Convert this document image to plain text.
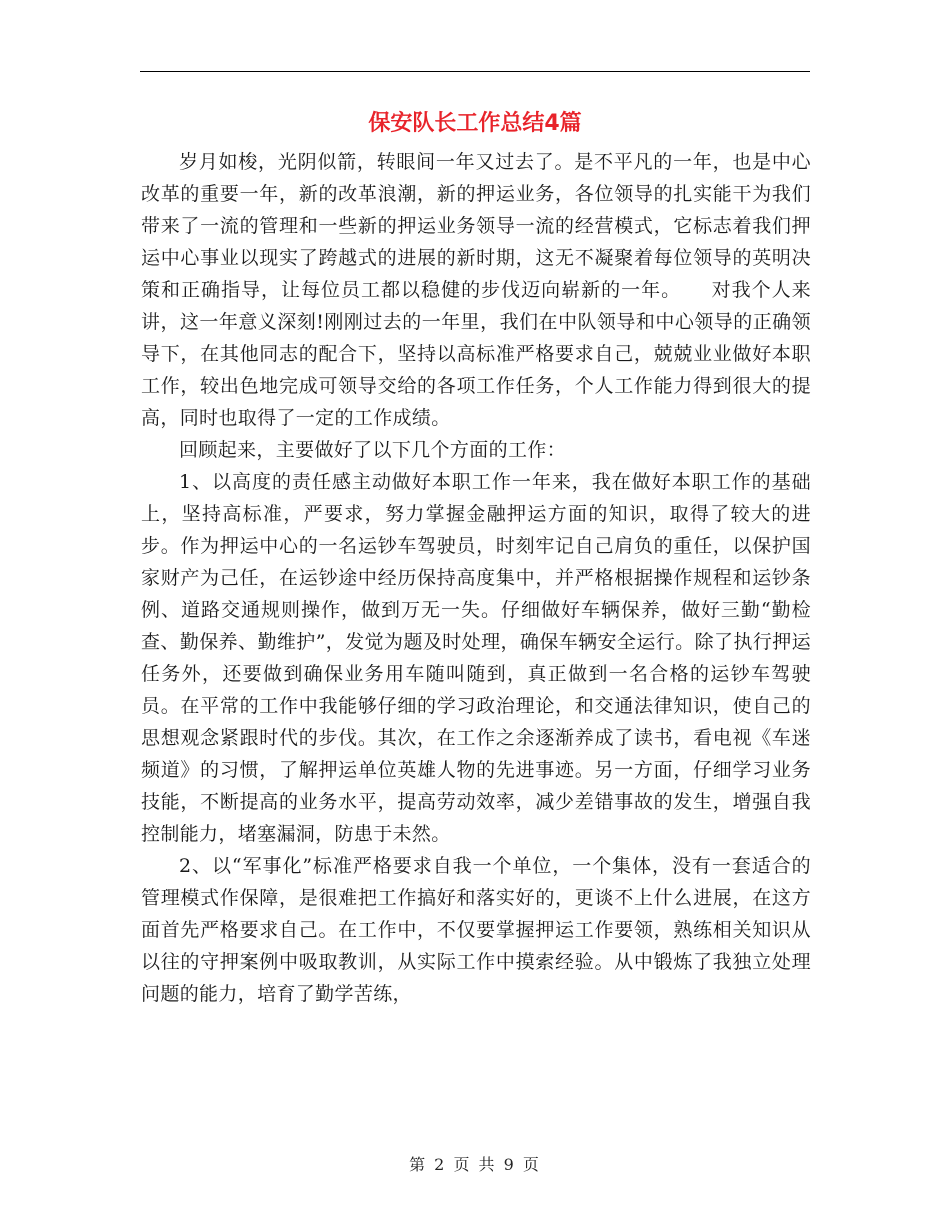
保安队长工作总结4篇

岁月如梭，光阴似箭，转眼间一年又过去了。是不平凡的一年，也是中心改革的重要一年，新的改革浪潮，新的押运业务，各位领导的扎实能干为我们带来了一流的管理和一些新的押运业务领导一流的经营模式，它标志着我们押运中心事业以现实了跨越式的进展的新时期，这无不凝聚着每位领导的英明决策和正确指导，让每位员工都以稳健的步伐迈向崭新的一年。　　对我个人来讲，这一年意义深刻!刚刚过去的一年里，我们在中队领导和中心领导的正确领导下，在其他同志的配合下，坚持以高标准严格要求自己，兢兢业业做好本职工作，较出色地完成可领导交给的各项工作任务，个人工作能力得到很大的提高，同时也取得了一定的工作成绩。

回顾起来，主要做好了以下几个方面的工作：

1、以高度的责任感主动做好本职工作一年来，我在做好本职工作的基础上，坚持高标准，严要求，努力掌握金融押运方面的知识，取得了较大的进步。作为押运中心的一名运钞车驾驶员，时刻牢记自己肩负的重任，以保护国家财产为己任，在运钞途中经历保持高度集中，并严格根据操作规程和运钞条例、道路交通规则操作，做到万无一失。仔细做好车辆保养，做好三勤“勤检查、勤保养、勤维护”，发觉为题及时处理，确保车辆安全运行。除了执行押运任务外，还要做到确保业务用车随叫随到，真正做到一名合格的运钞车驾驶员。在平常的工作中我能够仔细的学习政治理论，和交通法律知识，使自己的思想观念紧跟时代的步伐。其次，在工作之余逐渐养成了读书，看电视《车迷频道》的习惯，了解押运单位英雄人物的先进事迹。另一方面，仔细学习业务技能，不断提高的业务水平，提高劳动效率，减少差错事故的发生，增强自我控制能力，堵塞漏洞，防患于未然。

2、以“军事化”标准严格要求自我一个单位，一个集体，没有一套适合的管理模式作保障，是很难把工作搞好和落实好的，更谈不上什么进展，在这方面首先严格要求自己。在工作中，不仅要掌握押运工作要领，熟练相关知识从以往的守押案例中吸取教训，从实际工作中摸索经验。从中锻炼了我独立处理问题的能力，培育了勤学苦练，

第 2 页 共 9 页
